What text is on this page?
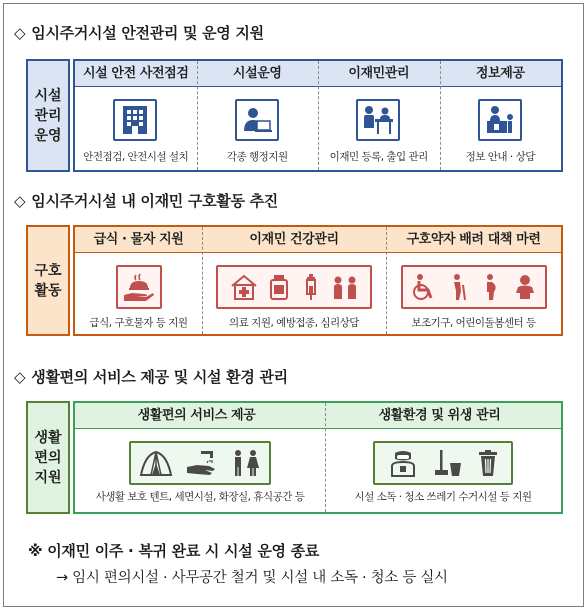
◇ 임시주거시설 안전관리 및 운영 지원
시설
관리
운영
시설 안전 사전점검	시설운영	이재민관리	정보제공
안전점검, 안전시설 설치	각종 행정지원	이재민 등록, 출입 관리	정보 안내 · 상담
◇ 임시주거시설 내 이재민 구호활동 추진
구호
활동
급식 · 물자 지원	이재민 건강관리	구호약자 배려 대책 마련
급식, 구호물자 등 지원	의료 지원, 예방접종, 심리상담	보조기구, 어린이돌봄센터 등
◇ 생활편의 서비스 제공 및 시설 환경 관리
생활
편의
지원
생활편의 서비스 제공	생활환경 및 위생 관리
사생활 보호 텐트, 세면시설, 화장실, 휴식공간 등	시설 소독 · 청소 쓰레기 수거시설 등 지원
※ 이재민 이주 · 복귀 완료 시 시설 운영 종료
→ 임시 편의시설 · 사무공간 철거 및 시설 내 소독 · 청소 등 실시
